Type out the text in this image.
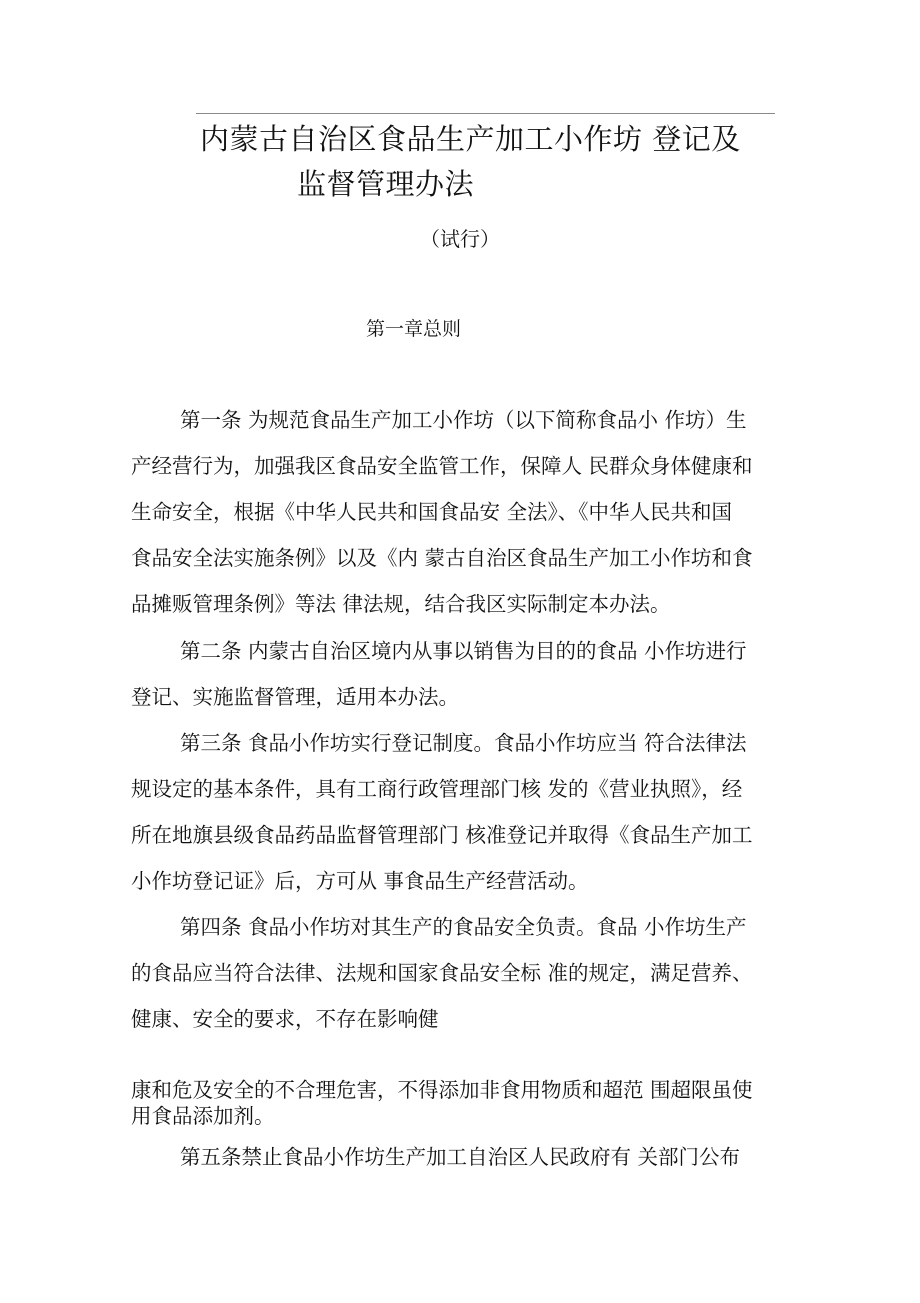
内蒙古自治区食品生产加工小作坊 登记及
监督管理办法
（试行）
第一章总则
第一条 为规范食品生产加工小作坊（以下简称食品小 作坊）生
产经营行为，加强我区食品安全监管工作，保障人 民群众身体健康和
生命安全，根据《中华人民共和国食品安 全法》、《中华人民共和国
食品安全法实施条例》以及《内 蒙古自治区食品生产加工小作坊和食
品摊贩管理条例》等法 律法规，结合我区实际制定本办法。
第二条 内蒙古自治区境内从事以销售为目的的食品 小作坊进行
登记、实施监督管理，适用本办法。
第三条 食品小作坊实行登记制度。食品小作坊应当 符合法律法
规设定的基本条件，具有工商行政管理部门核 发的《营业执照》，经
所在地旗县级食品药品监督管理部门 核准登记并取得《食品生产加工
小作坊登记证》后，方可从 事食品生产经营活动。
第四条 食品小作坊对其生产的食品安全负责。食品 小作坊生产
的食品应当符合法律、法规和国家食品安全标 准的规定，满足营养、
健康、安全的要求，不存在影响健
康和危及安全的不合理危害，不得添加非食用物质和超范 围超限虽使
用食品添加剂。
第五条禁止食品小作坊生产加工自治区人民政府有 关部门公布
